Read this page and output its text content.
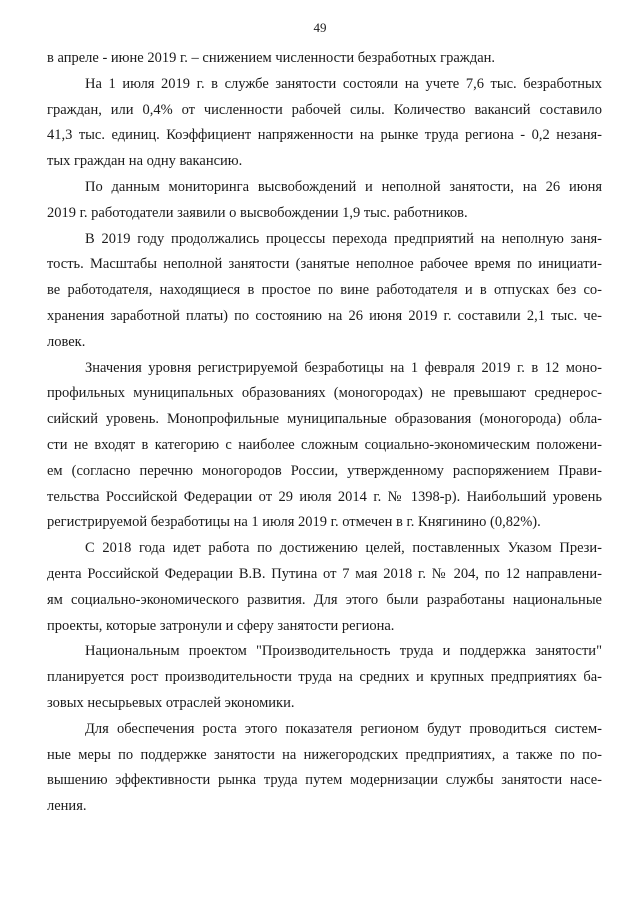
49
в апреле - июне 2019 г. – снижением численности безработных граждан.
На 1 июля 2019 г. в службе занятости состояли на учете 7,6 тыс. безработных
граждан, или 0,4% от численности рабочей силы. Количество вакансий составило
41,3 тыс. единиц. Коэффициент напряженности на рынке труда региона - 0,2 незаня-
тых граждан на одну вакансию.
По данным мониторинга высвобождений и неполной занятости, на 26 июня
2019 г. работодатели заявили о высвобождении 1,9 тыс. работников.
В 2019 году продолжались процессы перехода предприятий на неполную заня-
тость. Масштабы неполной занятости (занятые неполное рабочее время по инициати-
ве работодателя, находящиеся в простое по вине работодателя и в отпусках без со-
хранения заработной платы) по состоянию на 26 июня 2019 г. составили 2,1 тыс. че-
ловек.
Значения уровня регистрируемой безработицы на 1 февраля 2019 г. в 12 моно-
профильных муниципальных образованиях (моногородах) не превышают среднерос-
сийский уровень. Монопрофильные муниципальные образования (моногорода) обла-
сти не входят в категорию с наиболее сложным социально-экономическим положени-
ем (согласно перечню моногородов России, утвержденному распоряжением Прави-
тельства Российской Федерации от 29 июля 2014 г. № 1398-р). Наибольший уровень
регистрируемой безработицы на 1 июля 2019 г. отмечен в г. Княгинино (0,82%).
С 2018 года идет работа по достижению целей, поставленных Указом Прези-
дента Российской Федерации В.В. Путина от 7 мая 2018 г. № 204, по 12 направлени-
ям социально-экономического развития. Для этого были разработаны национальные
проекты, которые затронули и сферу занятости региона.
Национальным проектом "Производительность труда и поддержка занятости"
планируется рост производительности труда на средних и крупных предприятиях ба-
зовых несырьевых отраслей экономики.
Для обеспечения роста этого показателя регионом будут проводиться систем-
ные меры по поддержке занятости на нижегородских предприятиях, а также по по-
вышению эффективности рынка труда путем модернизации службы занятости насе-
ления.
